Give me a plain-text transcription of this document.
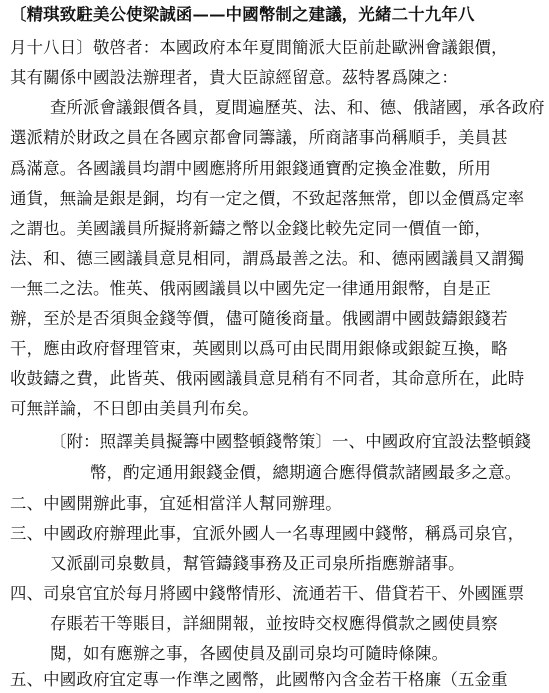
〔精琪致駐美公使梁誠函——中國幣制之建議，光緒二十九年八
月十八日〕敬啓者：本國政府本年夏間簡派大臣前赴歐洲會議銀價，
其有關係中國設法辦理者，貴大臣諒經留意。茲特畧爲陳之：
查所派會議銀價各員，夏間遍歷英、法、和、德、俄諸國，承各政府
選派精於財政之員在各國京都會同籌議，所商諸事尚稱順手，美員甚
爲滿意。各國議員均謂中國應將所用銀錢通寶酌定換金准數，所用
通貨，無論是銀是銅，均有一定之價，不致起落無常，卽以金價爲定率
之謂也。美國議員所擬將新鑄之幣以金錢比較先定同一價值一節，
法、和、德三國議員意見相同，謂爲最善之法。和、德兩國議員又謂獨
一無二之法。惟英、俄兩國議員以中國先定一律通用銀幣，自是正
辦，至於是否須與金錢等價，儘可隨後商量。俄國謂中國鼓鑄銀錢若
干，應由政府督理管束，英國則以爲可由民間用銀條或銀錠互換，略
收鼓鑄之費，此皆英、俄兩國議員意見稍有不同者，其命意所在，此時
可無詳論，不日卽由美員刋布矣。
〔附：照譯美員擬籌中國整頓錢幣策〕一、中國政府宜設法整頓錢
幣，酌定通用銀錢金價，總期適合應得償款諸國最多之意。
二、中國開辦此事，宜延相當洋人幫同辦理。
三、中國政府辦理此事，宜派外國人一名專理國中錢幣，稱爲司泉官，
又派副司泉數員，幫管鑄錢事務及正司泉所指應辦諸事。
四、司泉官宜於每月將國中錢幣情形、流通若干、借貸若干、外國匯票
存賬若干等賬目，詳細開報，並按時交杈應得償款之國使員察
閱，如有應辦之事，各國使員及副司泉均可隨時條陳。
五、中國政府宜定專一作準之國幣，此國幣內含金若干格廉（五金重
